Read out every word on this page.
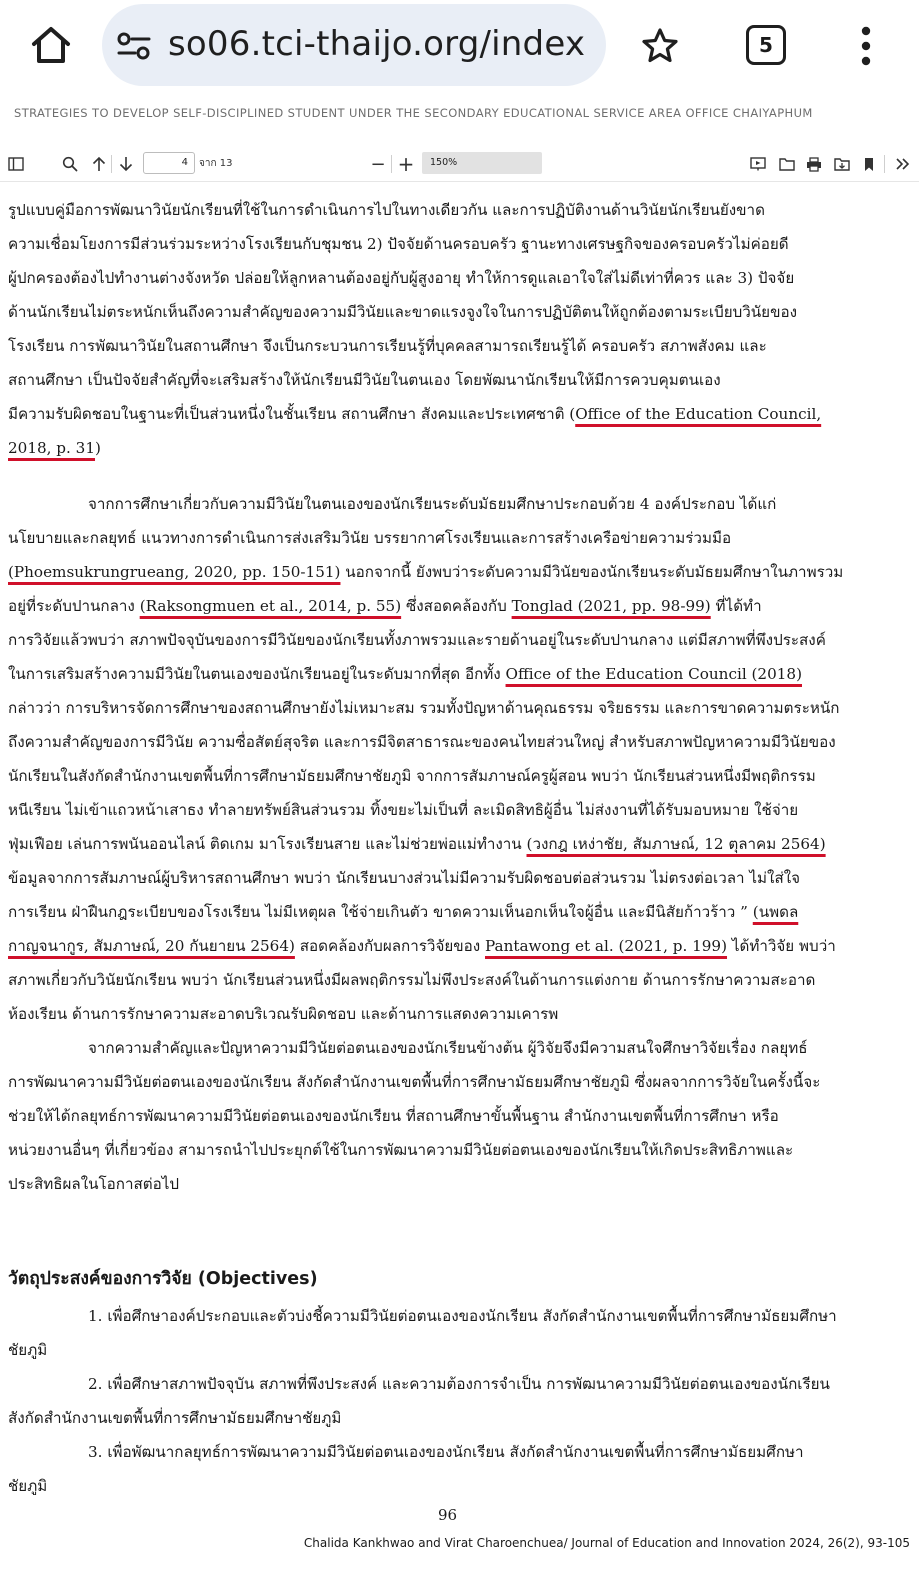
so06.tci-thaijo.org/index	5
STRATEGIES TO DEVELOP SELF-DISCIPLINED STUDENT UNDER THE SECONDARY EDUCATIONAL SERVICE AREA OFFICE CHAIYAPHUM
4	จาก 13	− +	150%
รูปแบบคู่มือการพัฒนาวินัยนักเรียนที่ใช้ในการดำเนินการไปในทางเดียวกัน และการปฏิบัติงานด้านวินัยนักเรียนยังขาด
ความเชื่อมโยงการมีส่วนร่วมระหว่างโรงเรียนกับชุมชน 2) ปัจจัยด้านครอบครัว ฐานะทางเศรษฐกิจของครอบครัวไม่ค่อยดี
ผู้ปกครองต้องไปทำงานต่างจังหวัด ปล่อยให้ลูกหลานต้องอยู่กับผู้สูงอายุ ทำให้การดูแลเอาใจใส่ไม่ดีเท่าที่ควร และ 3) ปัจจัย
ด้านนักเรียนไม่ตระหนักเห็นถึงความสำคัญของความมีวินัยและขาดแรงจูงใจในการปฏิบัติตนให้ถูกต้องตามระเบียบวินัยของ
โรงเรียน การพัฒนาวินัยในสถานศึกษา จึงเป็นกระบวนการเรียนรู้ที่บุคคลสามารถเรียนรู้ได้ ครอบครัว สภาพสังคม และ
สถานศึกษา เป็นปัจจัยสำคัญที่จะเสริมสร้างให้นักเรียนมีวินัยในตนเอง โดยพัฒนานักเรียนให้มีการควบคุมตนเอง
มีความรับผิดชอบในฐานะที่เป็นส่วนหนึ่งในชั้นเรียน สถานศึกษา สังคมและประเทศชาติ (Office of the Education Council,
2018, p. 31)
จากการศึกษาเกี่ยวกับความมีวินัยในตนเองของนักเรียนระดับมัธยมศึกษาประกอบด้วย 4 องค์ประกอบ ได้แก่
นโยบายและกลยุทธ์ แนวทางการดำเนินการส่งเสริมวินัย บรรยากาศโรงเรียนและการสร้างเครือข่ายความร่วมมือ
(Phoemsukrungrueang, 2020, pp. 150-151) นอกจากนี้ ยังพบว่าระดับความมีวินัยของนักเรียนระดับมัธยมศึกษาในภาพรวม
อยู่ที่ระดับปานกลาง (Raksongmuen et al., 2014, p. 55) ซึ่งสอดคล้องกับ Tonglad (2021, pp. 98-99) ที่ได้ทำ
การวิจัยแล้วพบว่า สภาพปัจจุบันของการมีวินัยของนักเรียนทั้งภาพรวมและรายด้านอยู่ในระดับปานกลาง แต่มีสภาพที่พึงประสงค์
ในการเสริมสร้างความมีวินัยในตนเองของนักเรียนอยู่ในระดับมากที่สุด อีกทั้ง Office of the Education Council (2018)
กล่าวว่า การบริหารจัดการศึกษาของสถานศึกษายังไม่เหมาะสม รวมทั้งปัญหาด้านคุณธรรม จริยธรรม และการขาดความตระหนัก
ถึงความสำคัญของการมีวินัย ความซื่อสัตย์สุจริต และการมีจิตสาธารณะของคนไทยส่วนใหญ่ สำหรับสภาพปัญหาความมีวินัยของ
นักเรียนในสังกัดสำนักงานเขตพื้นที่การศึกษามัธยมศึกษาชัยภูมิ จากการสัมภาษณ์ครูผู้สอน พบว่า นักเรียนส่วนหนึ่งมีพฤติกรรม
หนีเรียน ไม่เข้าแถวหน้าเสาธง ทำลายทรัพย์สินส่วนรวม ทิ้งขยะไม่เป็นที่ ละเมิดสิทธิผู้อื่น ไม่ส่งงานที่ได้รับมอบหมาย ใช้จ่าย
ฟุ่มเฟือย เล่นการพนันออนไลน์ ติดเกม มาโรงเรียนสาย และไม่ช่วยพ่อแม่ทำงาน (วงกฎ เหง่าชัย, สัมภาษณ์, 12 ตุลาคม 2564)
ข้อมูลจากการสัมภาษณ์ผู้บริหารสถานศึกษา พบว่า นักเรียนบางส่วนไม่มีความรับผิดชอบต่อส่วนรวม ไม่ตรงต่อเวลา ไม่ใส่ใจ
การเรียน ฝ่าฝืนกฎระเบียบของโรงเรียน ไม่มีเหตุผล ใช้จ่ายเกินตัว ขาดความเห็นอกเห็นใจผู้อื่น และมีนิสัยก้าวร้าว ” (นพดล
กาญจนากูร, สัมภาษณ์, 20 กันยายน 2564) สอดคล้องกับผลการวิจัยของ Pantawong et al. (2021, p. 199) ได้ทำวิจัย พบว่า
สภาพเกี่ยวกับวินัยนักเรียน พบว่า นักเรียนส่วนหนึ่งมีผลพฤติกรรมไม่พึงประสงค์ในด้านการแต่งกาย ด้านการรักษาความสะอาด
ห้องเรียน ด้านการรักษาความสะอาดบริเวณรับผิดชอบ และด้านการแสดงความเคารพ
จากความสำคัญและปัญหาความมีวินัยต่อตนเองของนักเรียนข้างต้น ผู้วิจัยจึงมีความสนใจศึกษาวิจัยเรื่อง กลยุทธ์
การพัฒนาความมีวินัยต่อตนเองของนักเรียน สังกัดสำนักงานเขตพื้นที่การศึกษามัธยมศึกษาชัยภูมิ ซึ่งผลจากการวิจัยในครั้งนี้จะ
ช่วยให้ได้กลยุทธ์การพัฒนาความมีวินัยต่อตนเองของนักเรียน ที่สถานศึกษาขั้นพื้นฐาน สำนักงานเขตพื้นที่การศึกษา หรือ
หน่วยงานอื่นๆ ที่เกี่ยวข้อง สามารถนำไปประยุกต์ใช้ในการพัฒนาความมีวินัยต่อตนเองของนักเรียนให้เกิดประสิทธิภาพและ
ประสิทธิผลในโอกาสต่อไป
วัตถุประสงค์ของการวิจัย (Objectives)
1. เพื่อศึกษาองค์ประกอบและตัวบ่งชี้ความมีวินัยต่อตนเองของนักเรียน สังกัดสำนักงานเขตพื้นที่การศึกษามัธยมศึกษา
ชัยภูมิ
2. เพื่อศึกษาสภาพปัจจุบัน สภาพที่พึงประสงค์ และความต้องการจำเป็น การพัฒนาความมีวินัยต่อตนเองของนักเรียน
สังกัดสำนักงานเขตพื้นที่การศึกษามัธยมศึกษาชัยภูมิ
3. เพื่อพัฒนากลยุทธ์การพัฒนาความมีวินัยต่อตนเองของนักเรียน สังกัดสำนักงานเขตพื้นที่การศึกษามัธยมศึกษา
ชัยภูมิ
96
Chalida Kankhwao and Virat Charoenchuea/ Journal of Education and Innovation 2024, 26(2), 93-105
